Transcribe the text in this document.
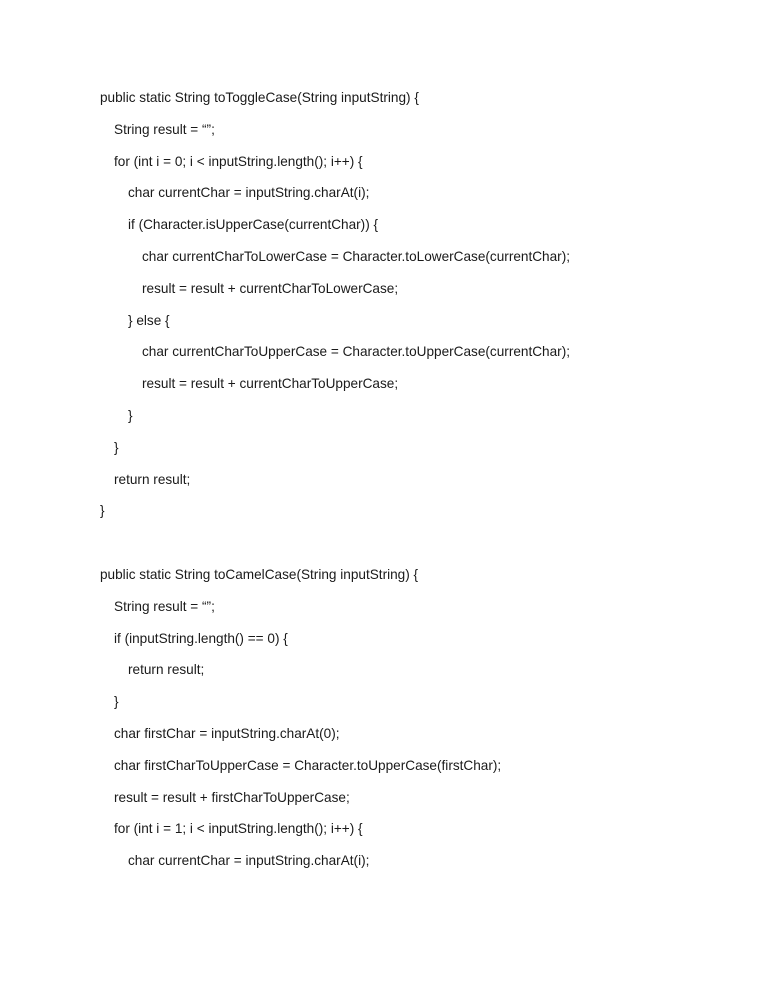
public static String toToggleCase(String inputString) {
String result = “”;
for (int i = 0; i < inputString.length(); i++) {
char currentChar = inputString.charAt(i);
if (Character.isUpperCase(currentChar)) {
char currentCharToLowerCase = Character.toLowerCase(currentChar);
result = result + currentCharToLowerCase;
} else {
char currentCharToUpperCase = Character.toUpperCase(currentChar);
result = result + currentCharToUpperCase;
}
}
return result;
}
public static String toCamelCase(String inputString) {
String result = “”;
if (inputString.length() == 0) {
return result;
}
char firstChar = inputString.charAt(0);
char firstCharToUpperCase = Character.toUpperCase(firstChar);
result = result + firstCharToUpperCase;
for (int i = 1; i < inputString.length(); i++) {
char currentChar = inputString.charAt(i);
